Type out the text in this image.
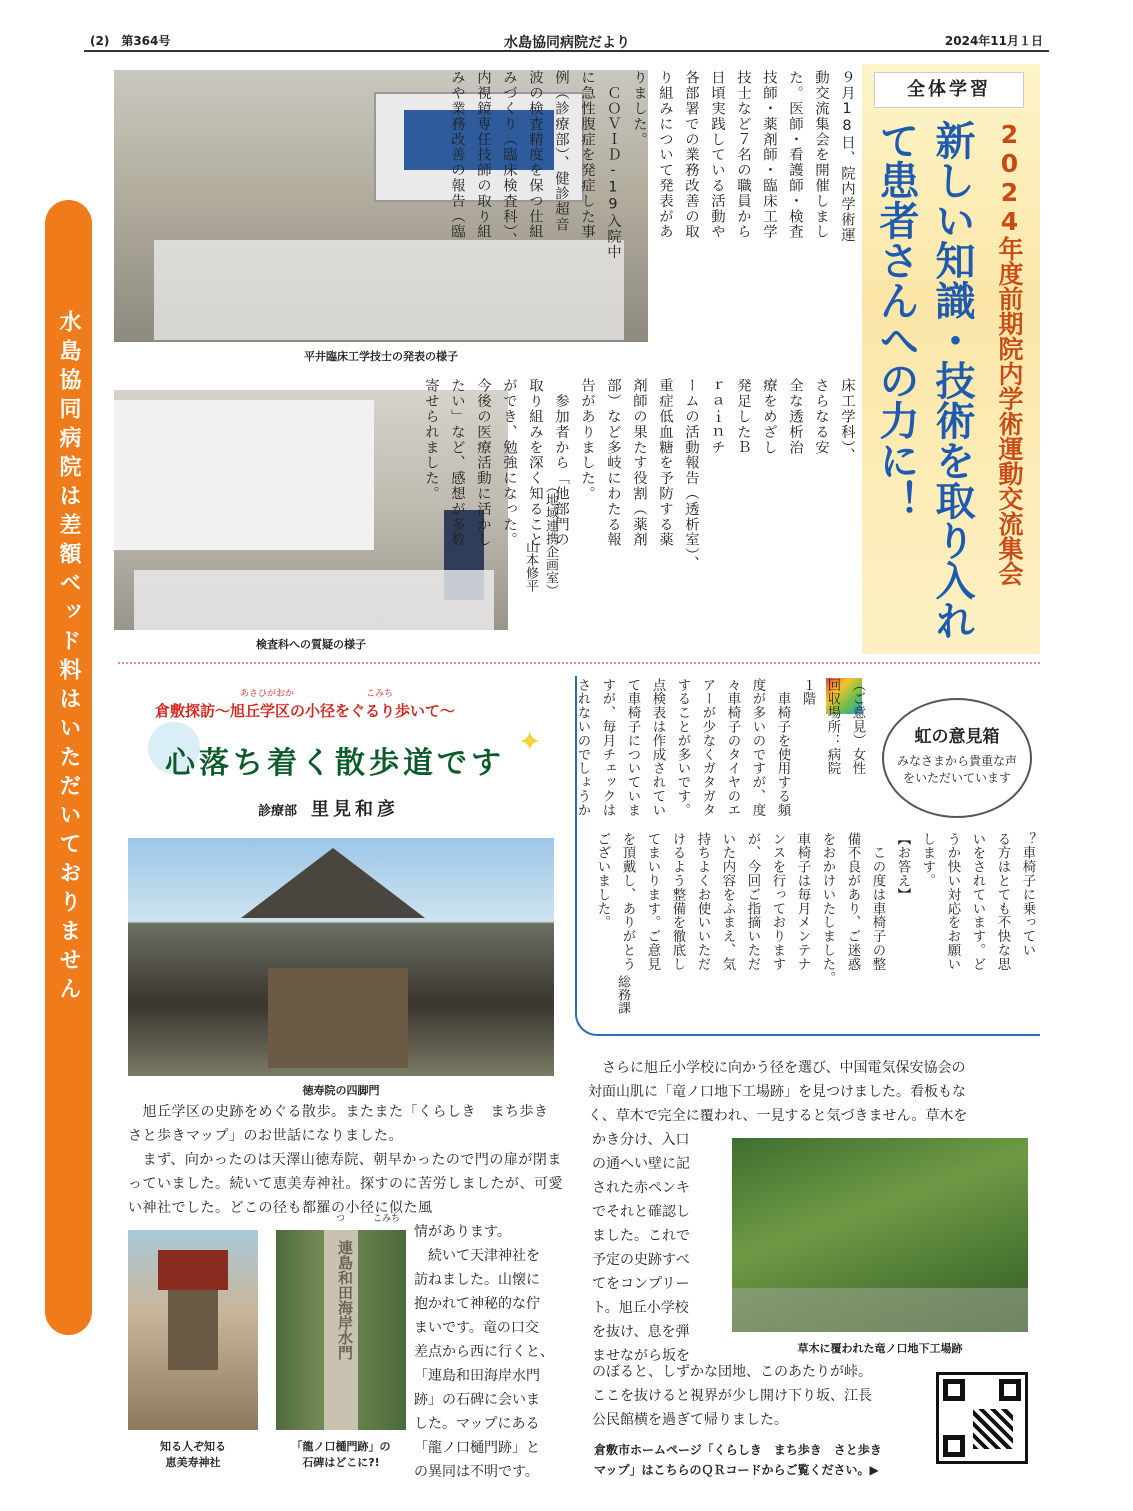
(2)　第364号	水島協同病院だより	2024年11月１日
水島協同病院は差額ベッド料はいただいておりません	平井臨床工学技士の発表の様子
検査科への質疑の様子
９月18日、院内学術運
動交流集会を開催しまし
た。医師・看護師・検査
技師・薬剤師・臨床工学
技士など７名の職員から
日頃実践している活動や
各部署での業務改善の取
り組みについて発表があ
りました。
　ＣＯＶＩＤ‐19入院中
に急性腹症を発症した事
例（診療部）、健診超音
波の検査精度を保つ仕組
みづくり（臨床検査科）、
内視鏡専任技師の取り組
みや業務改善の報告（臨
床工学科）、
さらなる安
全な透析治
療をめざし
発足したＢ
ｒａｉｎチ
ームの活動報告（透析室）、
重症低血糖を予防する薬
剤師の果たす役割（薬剤
部）など多岐にわたる報
告がありました。
　参加者から「他部門の
取り組みを深く知ること
ができ、勉強になった。
今後の医療活動に活かし
たい」など、感想が多数
寄せられました。
（地域連携企画室）
山本修平
全体学習
2024年度前期院内学術運動交流集会
新しい知識・技術を取り入れて患者さんへの力に！
虹の意見箱
みなさまから貴重な声をいただいています
（ご意見）女性
回収場所：病院
１階
　車椅子を使用する頻
度が多いのですが、度
々車椅子のタイヤのエ
アーが少なくガタガタ
することが多いです。
点検表は作成されてい
て車椅子についていま
すが、毎月チェックは
されないのでしょうか
？車椅子に乗ってい
る方はとても不快な思
いをされています。ど
うか快い対応をお願い
します。
【お答え】
　この度は車椅子の整
備不良があり、ご迷惑
をおかけいたしました。
車椅子は毎月メンテナ
ンスを行っております
が、今回ご指摘いただ
いた内容をふまえ、気
持ちよくお使いいただ
けるよう整備を徹底し
てまいります。ご意見
を頂戴し、ありがとう
ございました。
総務課
あさひがおか	こみち
倉敷探訪〜旭丘学区の小径をぐるり歩いて〜
心落ち着く散歩道です
✦
診療部 里見和彦
徳寿院の四脚門

　旭丘学区の史跡をめぐる散歩。またまた「くらしき　まち歩き　さと歩きマップ」のお世話になりました。

　まず、向かったのは天澤山徳寿院、朝早かったので門の扉が閉まっていました。続いて恵美寿神社。探すのに苦労しましたが、可愛い神社でした。どこの径も都羅の小径に似た風

つ	こみち
情があります。
　続いて天津神社を
訪ねました。山懐に
抱かれて神秘的な佇
まいです。竜の口交
差点から西に行くと、
「連島和田海岸水門
跡」の石碑に会いま
した。マップにある
「龍ノ口樋門跡」と
の異同は不明です。
知る人ぞ知る
恵美寿神社
連島和田海岸水門
「龍ノ口樋門跡」の
石碑はどこに?!
　さらに旭丘小学校に向かう径を選び、中国電気保安協会の
対面山肌に「竜ノ口地下工場跡」を見つけました。看板もな
く、草木で完全に覆われ、一見すると気づきません。草木を
かき分け、入口
の通へい壁に記
された赤ペンキ
でそれと確認し
ました。これで
予定の史跡すべ
てをコンプリー
ト。旭丘小学校
を抜け、息を弾
ませながら坂を	草木に覆われた竜ノ口地下工場跡
のぼると、しずかな団地、このあたりが峠。
ここを抜けると視界が少し開け下り坂、江長
公民館横を過ぎて帰りました。
倉敷市ホームページ「くらしき　まち歩き　さと歩き
マップ」はこちらのＱＲコードからご覧ください。▶
